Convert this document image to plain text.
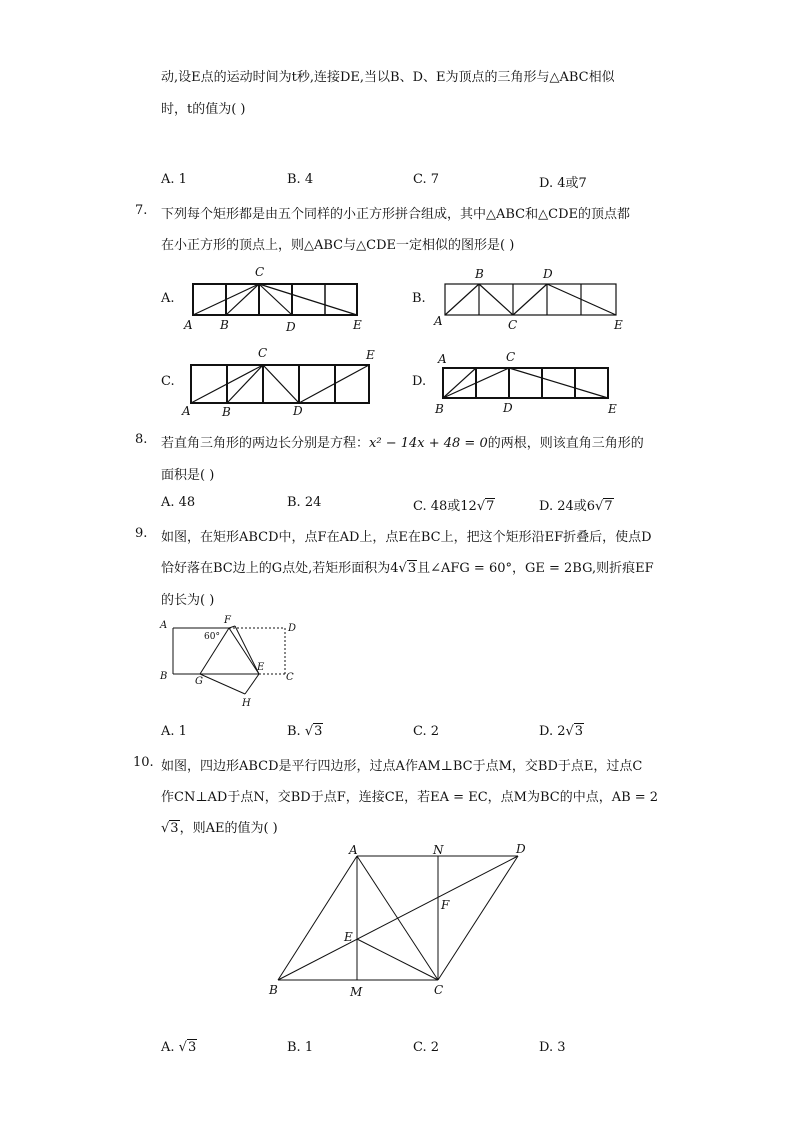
动,设E点的运动时间为t秒,连接DE,当以B、D、E为顶点的三角形与△ABC相似
时，t的值为( )
A. 1	B. 4	C. 7	D. 4或7
7. 下列每个矩形都是由五个同样的小正方形拼合组成，其中△ABC和△CDE的顶点都
在小正方形的顶点上，则△ABC与△CDE一定相似的图形是( )
A.	B.
C.	D.
C
A B	D	E
B	D
A	C	E
C	E
A	B	D
A	C
B	D	E
8. 若直角三角形的两边长分别是方程：x² − 14x + 48 = 0的两根，则该直角三角形的
面积是( )
A. 48	B. 24	C. 48或12√7	D. 24或6√7
9. 如图，在矩形ABCD中，点F在AD上，点E在BC上，把这个矩形沿EF折叠后，使点D
恰好落在BC边上的G点处,若矩形面积为4√3且∠AFG = 60°，GE = 2BG,则折痕EF
的长为( )
A	F
D
B	G
E
C
H
60°
A. 1	B. √3	C. 2	D. 2√3
10. 如图，四边形ABCD是平行四边形，过点A作AM⊥BC于点M，交BD于点E，过点C
作CN⊥AD于点N，交BD于点F，连接CE，若EA = EC，点M为BC的中点，AB = 2
√3，则AE的值为( )
A	N	D
F
E
B	M	C
A. √3	B. 1	C. 2	D. 3
